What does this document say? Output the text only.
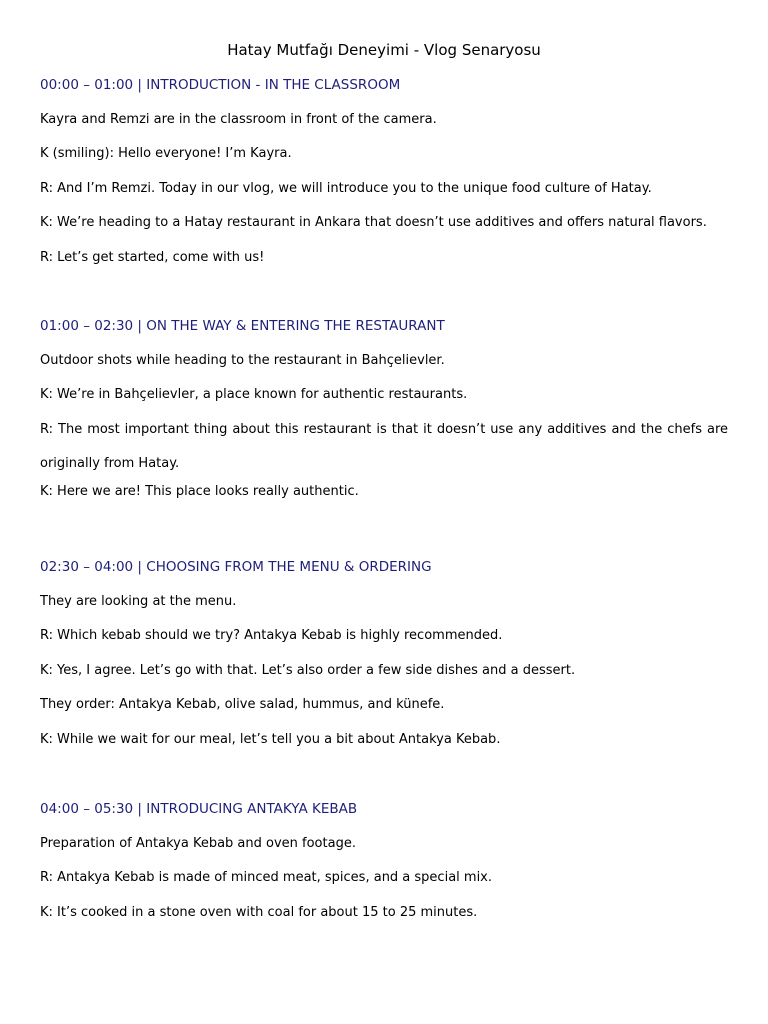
Hatay Mutfağı Deneyimi - Vlog Senaryosu

00:00 – 01:00 | INTRODUCTION - IN THE CLASSROOM

Kayra and Remzi are in the classroom in front of the camera.

K (smiling): Hello everyone! I’m Kayra.

R: And I’m Remzi. Today in our vlog, we will introduce you to the unique food culture of Hatay.

K: We’re heading to a Hatay restaurant in Ankara that doesn’t use additives and offers natural flavors.

R: Let’s get started, come with us!

01:00 – 02:30 | ON THE WAY & ENTERING THE RESTAURANT

Outdoor shots while heading to the restaurant in Bahçelievler.

K: We’re in Bahçelievler, a place known for authentic restaurants.

R: The most important thing about this restaurant is that it doesn’t use any additives and the chefs are originally from Hatay.

K: Here we are! This place looks really authentic.

02:30 – 04:00 | CHOOSING FROM THE MENU & ORDERING

They are looking at the menu.

R: Which kebab should we try? Antakya Kebab is highly recommended.

K: Yes, I agree. Let’s go with that. Let’s also order a few side dishes and a dessert.

They order: Antakya Kebab, olive salad, hummus, and künefe.

K: While we wait for our meal, let’s tell you a bit about Antakya Kebab.

04:00 – 05:30 | INTRODUCING ANTAKYA KEBAB

Preparation of Antakya Kebab and oven footage.

R: Antakya Kebab is made of minced meat, spices, and a special mix.

K: It’s cooked in a stone oven with coal for about 15 to 25 minutes.
